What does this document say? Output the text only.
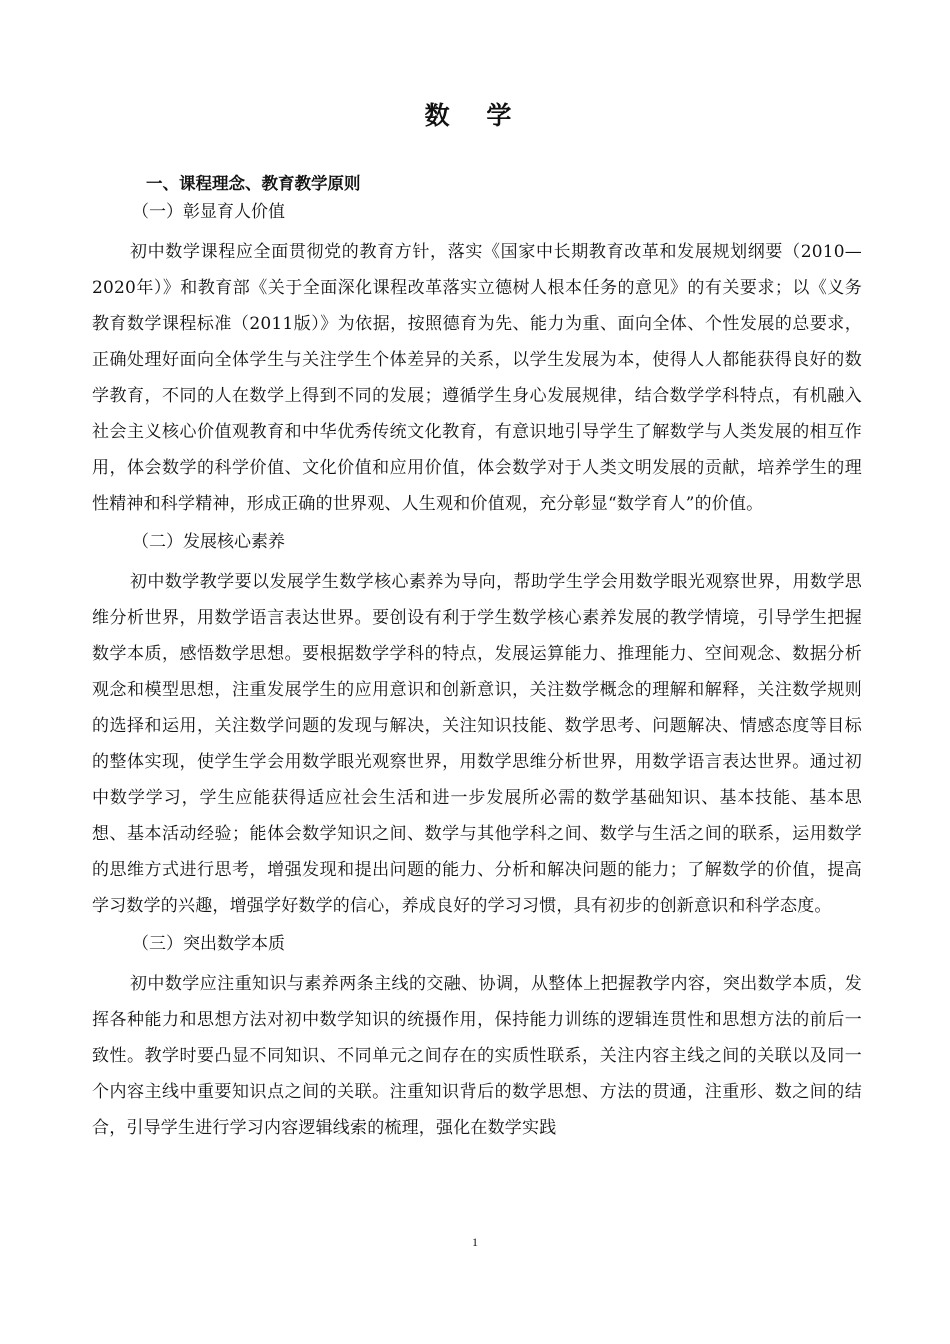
数 学
一、课程理念、教育教学原则
（一）彰显育人价值

初中数学课程应全面贯彻党的教育方针，落实《国家中长期教育改革和发展规划纲要（2010—2020年）》和教育部《关于全面深化课程改革落实立德树人根本任务的意见》的有关要求；以《义务教育数学课程标准（2011版）》为依据，按照德育为先、能力为重、面向全体、个性发展的总要求，正确处理好面向全体学生与关注学生个体差异的关系，以学生发展为本，使得人人都能获得良好的数学教育，不同的人在数学上得到不同的发展；遵循学生身心发展规律，结合数学学科特点，有机融入社会主义核心价值观教育和中华优秀传统文化教育，有意识地引导学生了解数学与人类发展的相互作用，体会数学的科学价值、文化价值和应用价值，体会数学对于人类文明发展的贡献，培养学生的理性精神和科学精神，形成正确的世界观、人生观和价值观，充分彰显“数学育人”的价值。

（二）发展核心素养

初中数学教学要以发展学生数学核心素养为导向，帮助学生学会用数学眼光观察世界，用数学思维分析世界，用数学语言表达世界。要创设有利于学生数学核心素养发展的教学情境，引导学生把握数学本质，感悟数学思想。要根据数学学科的特点，发展运算能力、推理能力、空间观念、数据分析观念和模型思想，注重发展学生的应用意识和创新意识，关注数学概念的理解和解释，关注数学规则的选择和运用，关注数学问题的发现与解决，关注知识技能、数学思考、问题解决、情感态度等目标的整体实现，使学生学会用数学眼光观察世界，用数学思维分析世界，用数学语言表达世界。通过初中数学学习，学生应能获得适应社会生活和进一步发展所必需的数学基础知识、基本技能、基本思想、基本活动经验；能体会数学知识之间、数学与其他学科之间、数学与生活之间的联系，运用数学的思维方式进行思考，增强发现和提出问题的能力、分析和解决问题的能力；了解数学的价值，提高学习数学的兴趣，增强学好数学的信心，养成良好的学习习惯，具有初步的创新意识和科学态度。

（三）突出数学本质

初中数学应注重知识与素养两条主线的交融、协调，从整体上把握教学内容，突出数学本质，发挥各种能力和思想方法对初中数学知识的统摄作用，保持能力训练的逻辑连贯性和思想方法的前后一致性。教学时要凸显不同知识、不同单元之间存在的实质性联系，关注内容主线之间的关联以及同一个内容主线中重要知识点之间的关联。注重知识背后的数学思想、方法的贯通，注重形、数之间的结合，引导学生进行学习内容逻辑线索的梳理，强化在数学实践

1
